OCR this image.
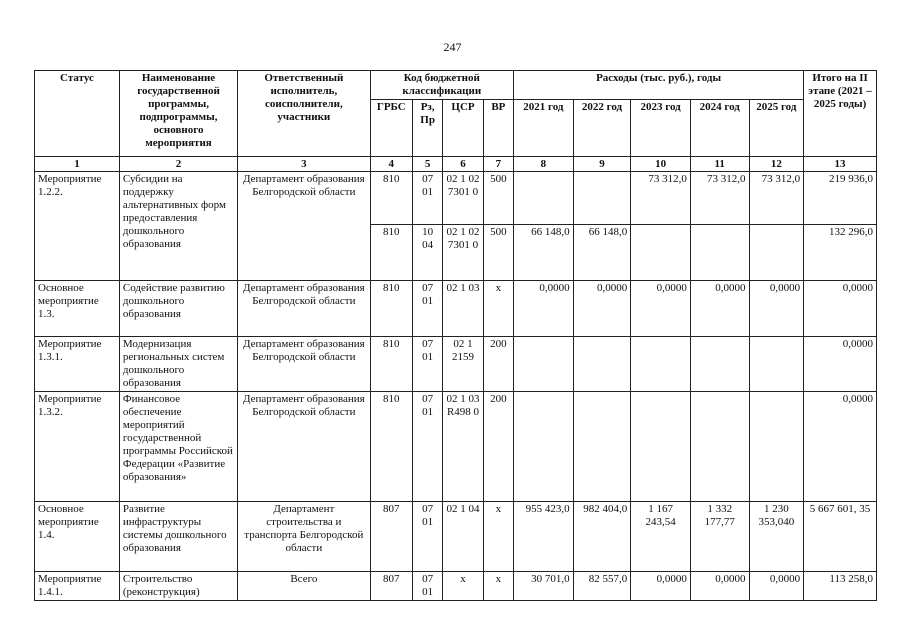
247
Статус	Наименование государственной программы, подпрограммы, основного мероприятия	Ответственный исполнитель, соисполнители, участники	Код бюджетной классификации				Расходы (тыс. руб.), годы					Итого на II этапе (2021 – 2025 годы)
			ГРБС	Рз, Пр	ЦСР	ВР	2021 год	2022 год	2023 год	2024 год	2025 год	
1	2	3	4	5	6	7	8	9	10	11	12	13
Мероприятие 1.2.2.	Субсидии на поддержку альтернативных форм предоставления дошкольного образования	Департамент образования Белгородской области	810	07 01	02 1 02 7301 0	500			73 312,0	73 312,0	73 312,0	219 936,0
			810	10 04	02 1 02 7301 0	500	66 148,0	66 148,0				132 296,0
Основное мероприятие 1.3.	Содействие развитию дошкольного образования	Департамент образования Белгородской области	810	07 01	02 1 03	х	0,0000	0,0000	0,0000	0,0000	0,0000	0,0000
Мероприятие 1.3.1.	Модернизация региональных систем дошкольного образования	Департамент образования Белгородской области	810	07 01	02 1 2159	200						0,0000
Мероприятие 1.3.2.	Финансовое обеспечение мероприятий государственной программы Российской Федерации «Развитие образования»	Департамент образования Белгородской области	810	07 01	02 1 03 R498 0	200						0,0000
Основное мероприятие 1.4.	Развитие инфраструктуры системы дошкольного образования	Департамент строительства и транспорта Белгородской области	807	07 01	02 1 04	х	955 423,0	982 404,0	1 167 243,54	1 332 177,77	1 230 353,040	5 667 601, 35
Мероприятие 1.4.1.	Строительство (реконструкция)	Всего	807	07 01	х	х	30 701,0	82 557,0	0,0000	0,0000	0,0000	113 258,0
